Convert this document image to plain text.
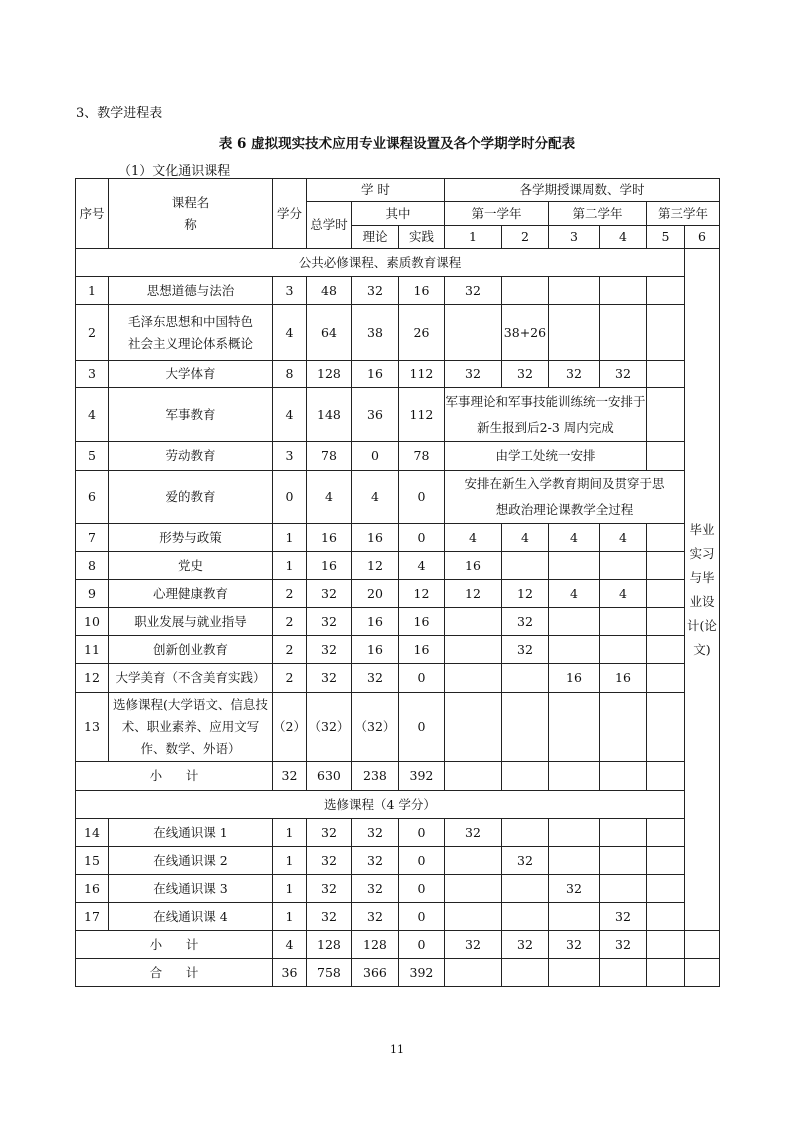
3、教学进程表
表 6 虚拟现实技术应用专业课程设置及各个学期学时分配表
（1）文化通识课程
序号	课程名称	学分	学 时			各学期授课周数、学时					
			总学时	其中		第一学年		第二学年		第三学年	
				理论	实践	1	2	3	4	5	6
公共必修课程、素质教育课程											毕业实习与毕业设计(论文)
1	思想道德与法治	3	48	32	16	32					
2	毛泽东思想和中国特色社会主义理论体系概论	4	64	38	26		38+26				
3	大学体育	8	128	16	112	32	32	32	32		
4	军事教育	4	148	36	112	军事理论和军事技能训练统一安排于新生报到后2-3 周内完成					
5	劳动教育	3	78	0	78	由学工处统一安排					
6	爱的教育	0	4	4	0	安排在新生入学教育期间及贯穿于思想政治理论课教学全过程					
7	形势与政策	1	16	16	0	4	4	4	4		
8	党史	1	16	12	4	16					
9	心理健康教育	2	32	20	12	12	12	4	4		
10	职业发展与就业指导	2	32	16	16		32				
11	创新创业教育	2	32	16	16		32				
12	大学美育（不含美育实践）	2	32	32	0			16	16		
13	选修课程(大学语文、信息技术、职业素养、应用文写作、数学、外语）	（2）	（32）	（32）	0						
小      计		32	630	238	392						
选修课程（4 学分）											
14	在线通识课 1	1	32	32	0	32					
15	在线通识课 2	1	32	32	0		32				
16	在线通识课 3	1	32	32	0			32			
17	在线通识课 4	1	32	32	0				32		
小      计		4	128	128	0	32	32	32	32		
合      计		36	758	366	392						
11
